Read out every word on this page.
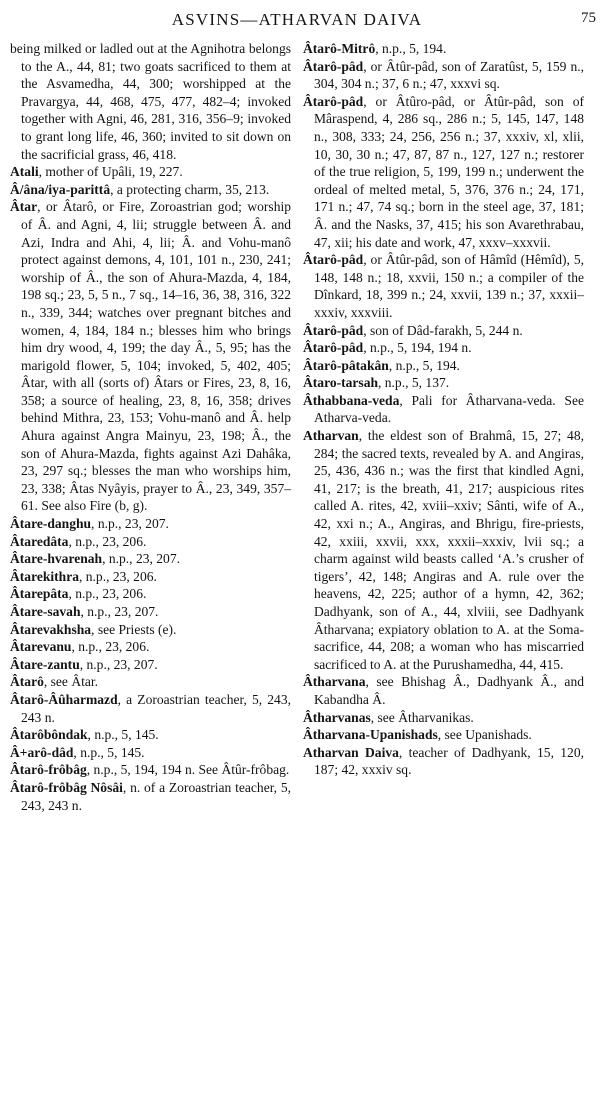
ASVINS—ATHARVAN DAIVA	75
being milked or ladled out at the Agnihotra belongs to the A., 44, 81; two goats sacrificed to them at the Asvamedha, 44, 300; worshipped at the Pravargya, 44, 468, 475, 477, 482–4; invoked together with Agni, 46, 281, 316, 356–9; invoked to grant long life, 46, 360; invited to sit down on the sacrificial grass, 46, 418.
Atali, mother of Upâli, 19, 227.
Â/âna/iya-parittâ, a protecting charm, 35, 213.
Âtar, or Âtarô, or Fire, Zoroastrian god; worship of Â. and Agni, 4, lii; struggle between Â. and Azi, Indra and Ahi, 4, lii; Â. and Vohu-manô protect against demons, 4, 101, 101 n., 230, 241; worship of Â., the son of Ahura-Mazda, 4, 184, 198 sq.; 23, 5, 5 n., 7 sq., 14–16, 36, 38, 316, 322 n., 339, 344; watches over pregnant bitches and women, 4, 184, 184 n.; blesses him who brings him dry wood, 4, 199; the day Â., 5, 95; has the marigold flower, 5, 104; invoked, 5, 402, 405; Âtar, with all (sorts of) Âtars or Fires, 23, 8, 16, 358; a source of healing, 23, 8, 16, 358; drives behind Mithra, 23, 153; Vohu-manô and Â. help Ahura against Angra Mainyu, 23, 198; Â., the son of Ahura-Mazda, fights against Azi Dahâka, 23, 297 sq.; blesses the man who worships him, 23, 338; Âtas Nyâyis, prayer to Â., 23, 349, 357–61. See also Fire (b, g).
Âtare-danghu, n.p., 23, 207.
Âtaredâta, n.p., 23, 206.
Âtare-hvarenah, n.p., 23, 207.
Âtarekithra, n.p., 23, 206.
Âtarepâta, n.p., 23, 206.
Âtare-savah, n.p., 23, 207.
Âtarevakhsha, see Priests (e).
Âtarevanu, n.p., 23, 206.
Âtare-zantu, n.p., 23, 207.
Âtarô, see Âtar.
Âtarô-Âûharmazd, a Zoroastrian teacher, 5, 243, 243 n.
Âtarôbôndak, n.p., 5, 145.
Â+arô-dâd, n.p., 5, 145.
Âtarô-frôbâg, n.p., 5, 194, 194 n. See Âtûr-frôbag.
Âtarô-frôbâg Nôsâi, n. of a Zoroastrian teacher, 5, 243, 243 n.
Âtarô-Mitrô, n.p., 5, 194.
Âtarô-pâd, or Âtûr-pâd, son of Zaratûst, 5, 159 n., 304, 304 n.; 37, 6 n.; 47, xxxvi sq.
Âtarô-pâd, or Âtûro-pâd, or Âtûr-pâd, son of Mâraspend, 4, 286 sq., 286 n.; 5, 145, 147, 148 n., 308, 333; 24, 256, 256 n.; 37, xxxiv, xl, xlii, 10, 30, 30 n.; 47, 87, 87 n., 127, 127 n.; restorer of the true religion, 5, 199, 199 n.; underwent the ordeal of melted metal, 5, 376, 376 n.; 24, 171, 171 n.; 47, 74 sq.; born in the steel age, 37, 181; Â. and the Nasks, 37, 415; his son Avarethrabau, 47, xii; his date and work, 47, xxxv–xxxvii.
Âtarô-pâd, or Âtûr-pâd, son of Hâmîd (Hêmîd), 5, 148, 148 n.; 18, xxvii, 150 n.; a compiler of the Dînkard, 18, 399 n.; 24, xxvii, 139 n.; 37, xxxii–xxxiv, xxxviii.
Âtarô-pâd, son of Dâd-farakh, 5, 244 n.
Âtarô-pâd, n.p., 5, 194, 194 n.
Âtarô-pâtakân, n.p., 5, 194.
Âtaro-tarsah, n.p., 5, 137.
Âthabbana-veda, Pali for Âtharvana-veda. See Atharva-veda.
Atharvan, the eldest son of Brahmâ, 15, 27; 48, 284; the sacred texts, revealed by A. and Angiras, 25, 436, 436 n.; was the first that kindled Agni, 41, 217; is the breath, 41, 217; auspicious rites called A. rites, 42, xviii–xxiv; Sânti, wife of A., 42, xxi n.; A., Angiras, and Bhrigu, fire-priests, 42, xxiii, xxvii, xxx, xxxii–xxxiv, lvii sq.; a charm against wild beasts called ‘A.’s crusher of tigers’, 42, 148; Angiras and A. rule over the heavens, 42, 225; author of a hymn, 42, 362; Dadhyank, son of A., 44, xlviii, see Dadhyank Âtharvana; expiatory oblation to A. at the Soma-sacrifice, 44, 208; a woman who has miscarried sacrificed to A. at the Purushamedha, 44, 415.
Âtharvana, see Bhishag Â., Dadhyank Â., and Kabandha Â.
Âtharvanas, see Âtharvanikas.
Âtharvana-Upanishads, see Upanishads.
Atharvan Daiva, teacher of Dadhyank, 15, 120, 187; 42, xxxiv sq.
